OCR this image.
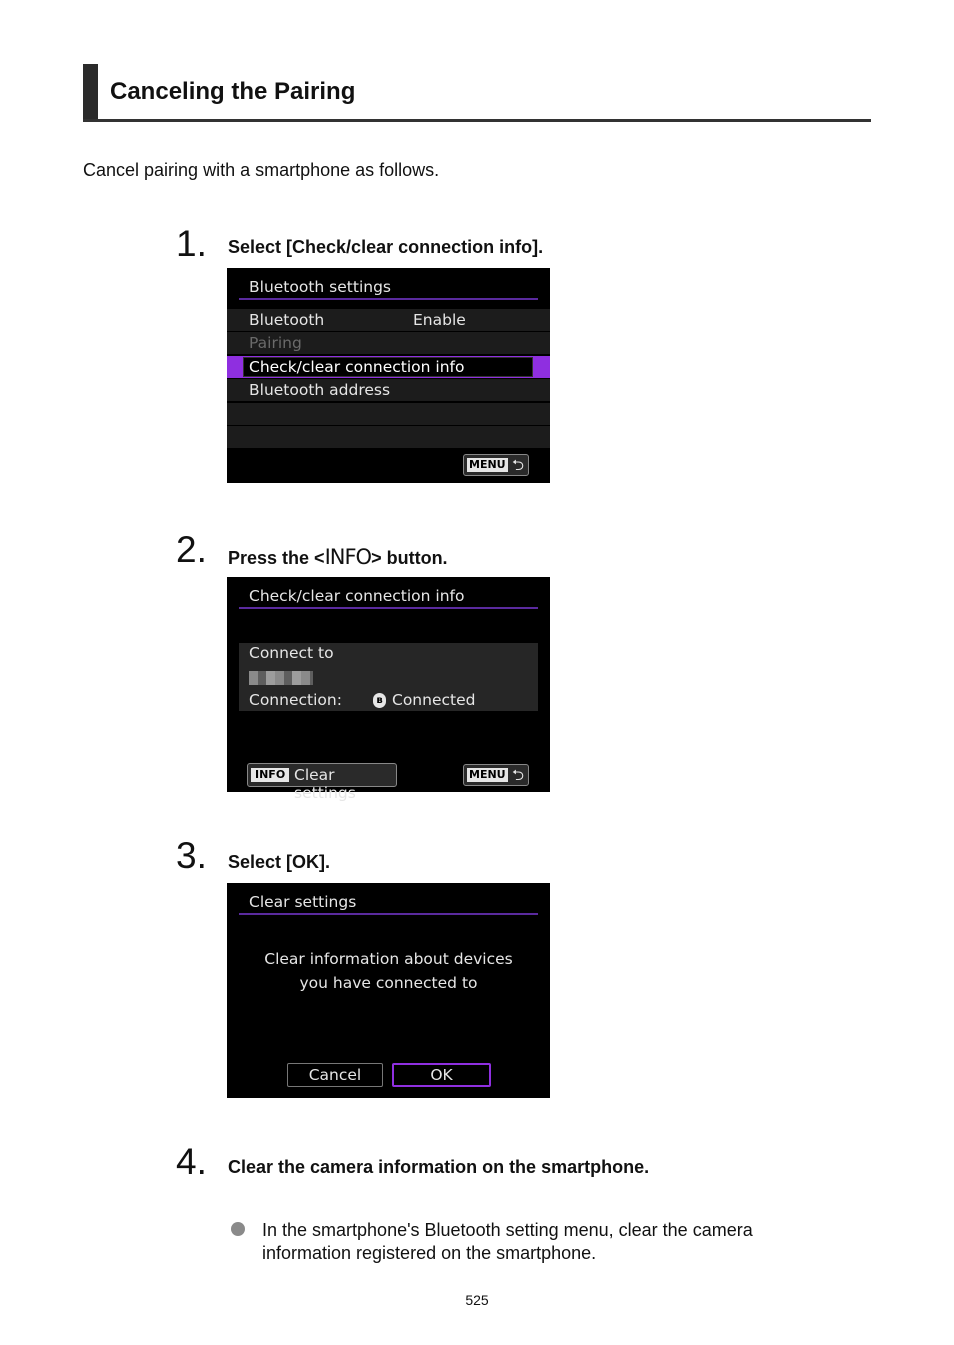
Canceling the Pairing
Cancel pairing with a smartphone as follows.
1. Select [Check/clear connection info].
Bluetooth settings
Bluetooth	Enable
Pairing
Check/clear connection info
Bluetooth address
MENU ⮌
2. Press the <INFO> button.
Check/clear connection info
Connect to
Connection:	ʙ Connected
INFO Clear settings
MENU ⮌
3. Select [OK].
Clear settings
Clear information about devices
you have connected to
Cancel	OK
4. Clear the camera information on the smartphone.
In the smartphone's Bluetooth setting menu, clear the camera information registered on the smartphone.
525
